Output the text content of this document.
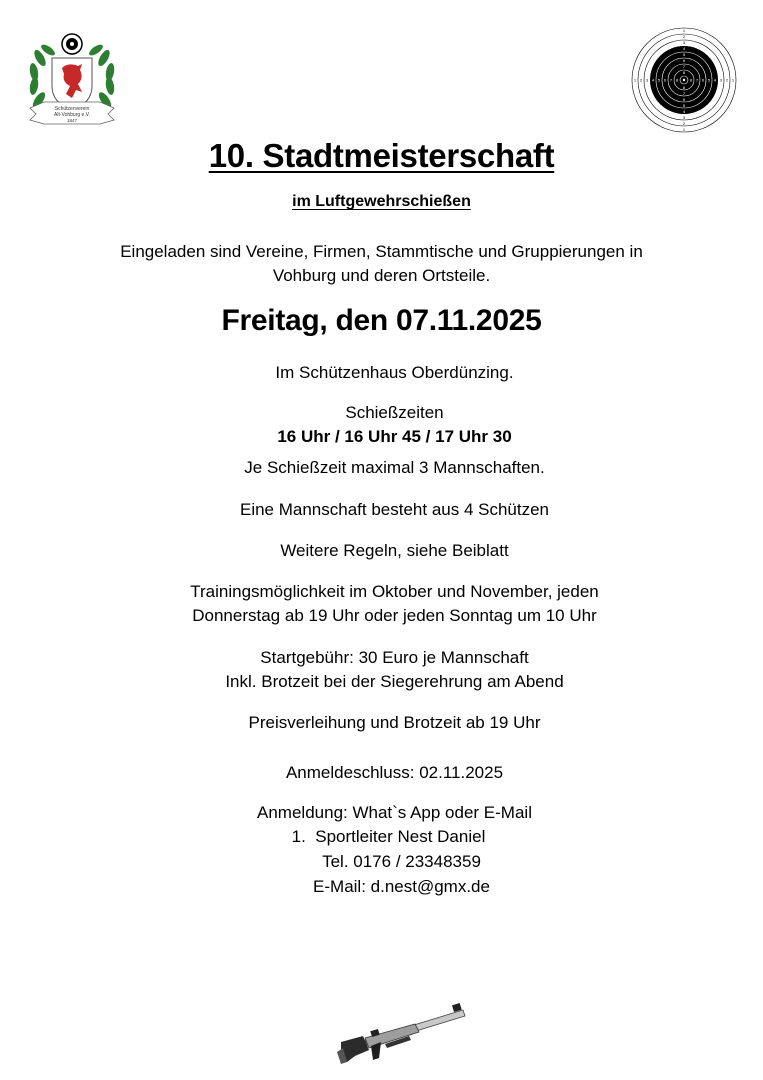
Schützenverein
Alt-Vohburg e.V.
1847
1	1
2	2
3	3
4	4
5	5
6	6
7	7
8	8
1
1
2
2
3
3
4
4
5
5
6
6
7
7
8
8
10. Stadtmeisterschaft
im Luftgewehrschießen
Eingeladen sind Vereine, Firmen, Stammtische und Gruppierungen in
Vohburg und deren Ortsteile.
Freitag, den 07.11.2025
Im Schützenhaus Oberdünzing.
Schießzeiten
16 Uhr / 16 Uhr 45 / 17 Uhr 30
Je Schießzeit maximal 3 Mannschaften.
Eine Mannschaft besteht aus 4 Schützen
Weitere Regeln, siehe Beiblatt
Trainingsmöglichkeit im Oktober und November, jeden
Donnerstag ab 19 Uhr oder jeden Sonntag um 10 Uhr
Startgebühr: 30 Euro je Mannschaft
Inkl. Brotzeit bei der Siegerehrung am Abend
Preisverleihung und Brotzeit ab 19 Uhr
Anmeldeschluss: 02.11.2025
Anmeldung: What`s App oder E-Mail
1.  Sportleiter Nest Daniel
Tel. 0176 / 23348359
E-Mail: d.nest@gmx.de
